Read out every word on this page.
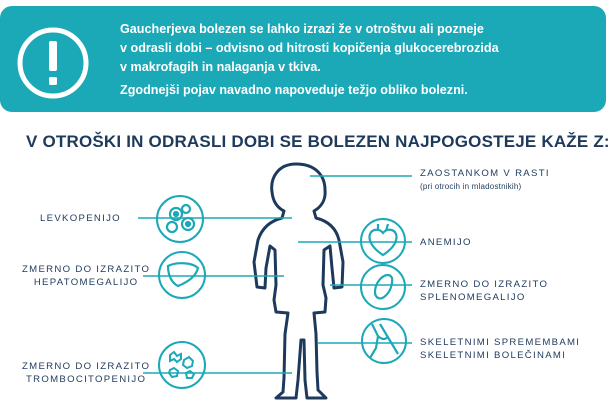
Gaucherjeva bolezen se lahko izrazi že v otroštvu ali pozneje
v odrasli dobi – odvisno od hitrosti kopičenja glukocerebrozida
v makrofagih in nalaganja v tkiva.

Zgodnejši pojav navadno napoveduje težjo obliko bolezni.

V OTROŠKI IN ODRASLI DOBI SE BOLEZEN NAJPOGOSTEJE KAŽE Z:
ZAOSTANKOM V RASTI
(pri otrocih in mladostnikih)
ANEMIJO
ZMERNO DO IZRAZITO
SPLENOMEGALIJO
SKELETNIMI SPREMEMBAMI
SKELETNIMI BOLEČINAMI
LEVKOPENIJO
ZMERNO DO IZRAZITO
HEPATOMEGALIJO
ZMERNO DO IZRAZITO
TROMBOCITOPENIJO
